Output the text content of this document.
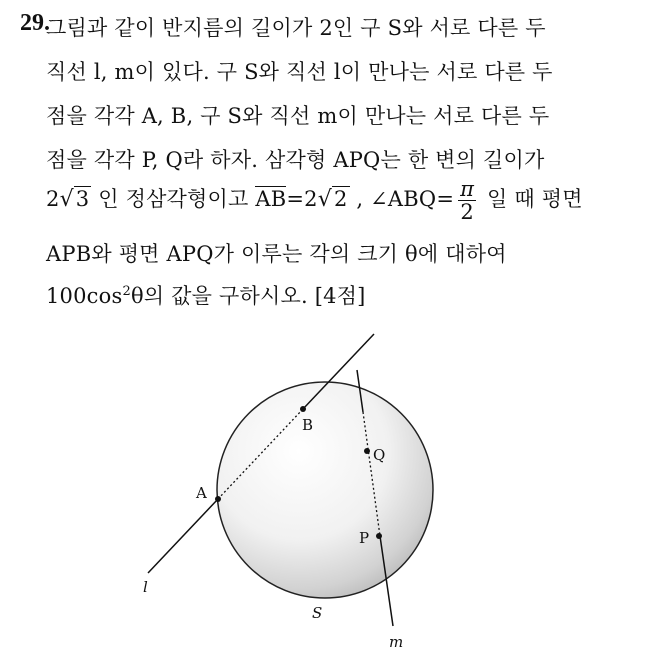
29.
그림과 같이 반지름의 길이가 2인 구 S와 서로 다른 두
직선 l, m이 있다. 구 S와 직선 l이 만나는 서로 다른 두
점을 각각 A, B, 구 S와 직선 m이 만나는 서로 다른 두
점을 각각 P, Q라 하자. 삼각형 APQ는 한 변의 길이가
2√3 인 정삼각형이고 AB=2√2 , ∠ABQ= $\frac{\pi}{2}$ 일 때 평면
APB와 평면 APQ가 이루는 각의 크기 θ에 대하여
$100\cos^2\theta$의 값을 구하시오. [4점]
A
B
Q
P
l
m
S
